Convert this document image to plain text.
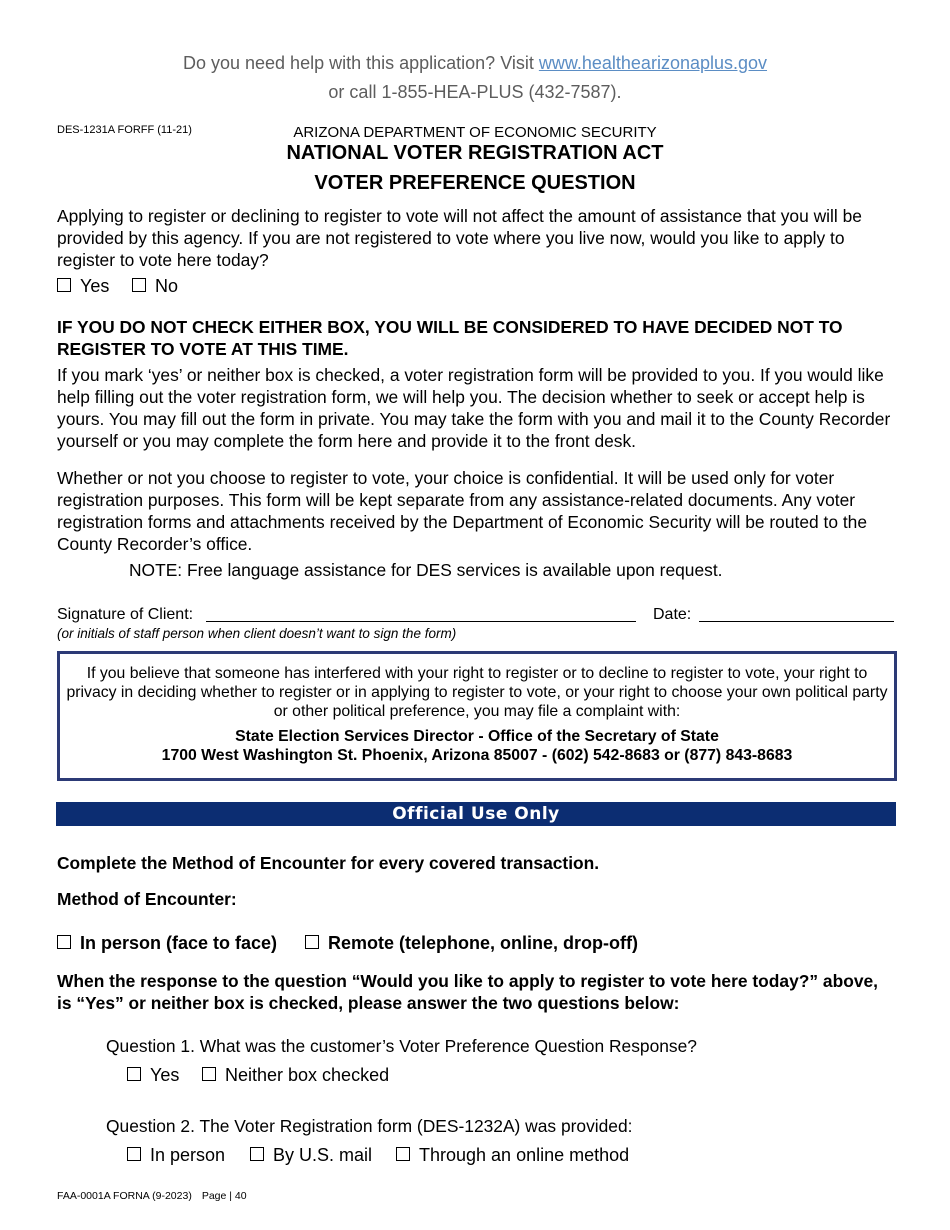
Do you need help with this application? Visit www.healthearizonaplus.gov
or call 1-855-HEA-PLUS (432-7587).
DES-1231A FORFF (11-21)	ARIZONA DEPARTMENT OF ECONOMIC SECURITY
NATIONAL VOTER REGISTRATION ACT
VOTER PREFERENCE QUESTION
Applying to register or declining to register to vote will not affect the amount of assistance that you will be provided by this agency. If you are not registered to vote where you live now, would you like to apply to register to vote here today?
Yes	No
IF YOU DO NOT CHECK EITHER BOX, YOU WILL BE CONSIDERED TO HAVE DECIDED NOT TO REGISTER TO VOTE AT THIS TIME.
If you mark ‘yes’ or neither box is checked, a voter registration form will be provided to you. If you would like help filling out the voter registration form, we will help you. The decision whether to seek or accept help is yours. You may fill out the form in private. You may take the form with you and mail it to the County Recorder yourself or you may complete the form here and provide it to the front desk.
Whether or not you choose to register to vote, your choice is confidential. It will be used only for voter registration purposes. This form will be kept separate from any assistance-related documents. Any voter registration forms and attachments received by the Department of Economic Security will be routed to the County Recorder’s office.
NOTE: Free language assistance for DES services is available upon request.
Signature of Client:	Date:
(or initials of staff person when client doesn’t want to sign the form)
If you believe that someone has interfered with your right to register or to decline to register to vote, your right to privacy in deciding whether to register or in applying to register to vote, or your right to choose your own political party or other political preference, you may file a complaint with:
State Election Services Director - Office of the Secretary of State
1700 West Washington St. Phoenix, Arizona 85007 - (602) 542-8683 or (877) 843-8683
Official Use Only
Complete the Method of Encounter for every covered transaction.
Method of Encounter:
In person (face to face)	Remote (telephone, online, drop-off)
When the response to the question “Would you like to apply to register to vote here today?” above, is “Yes” or neither box is checked, please answer the two questions below:
Question 1. What was the customer’s Voter Preference Question Response?
Yes	Neither box checked
Question 2. The Voter Registration form (DES-1232A) was provided:
In person	By U.S. mail	Through an online method
FAA-0001A FORNA (9-2023) Page | 40
